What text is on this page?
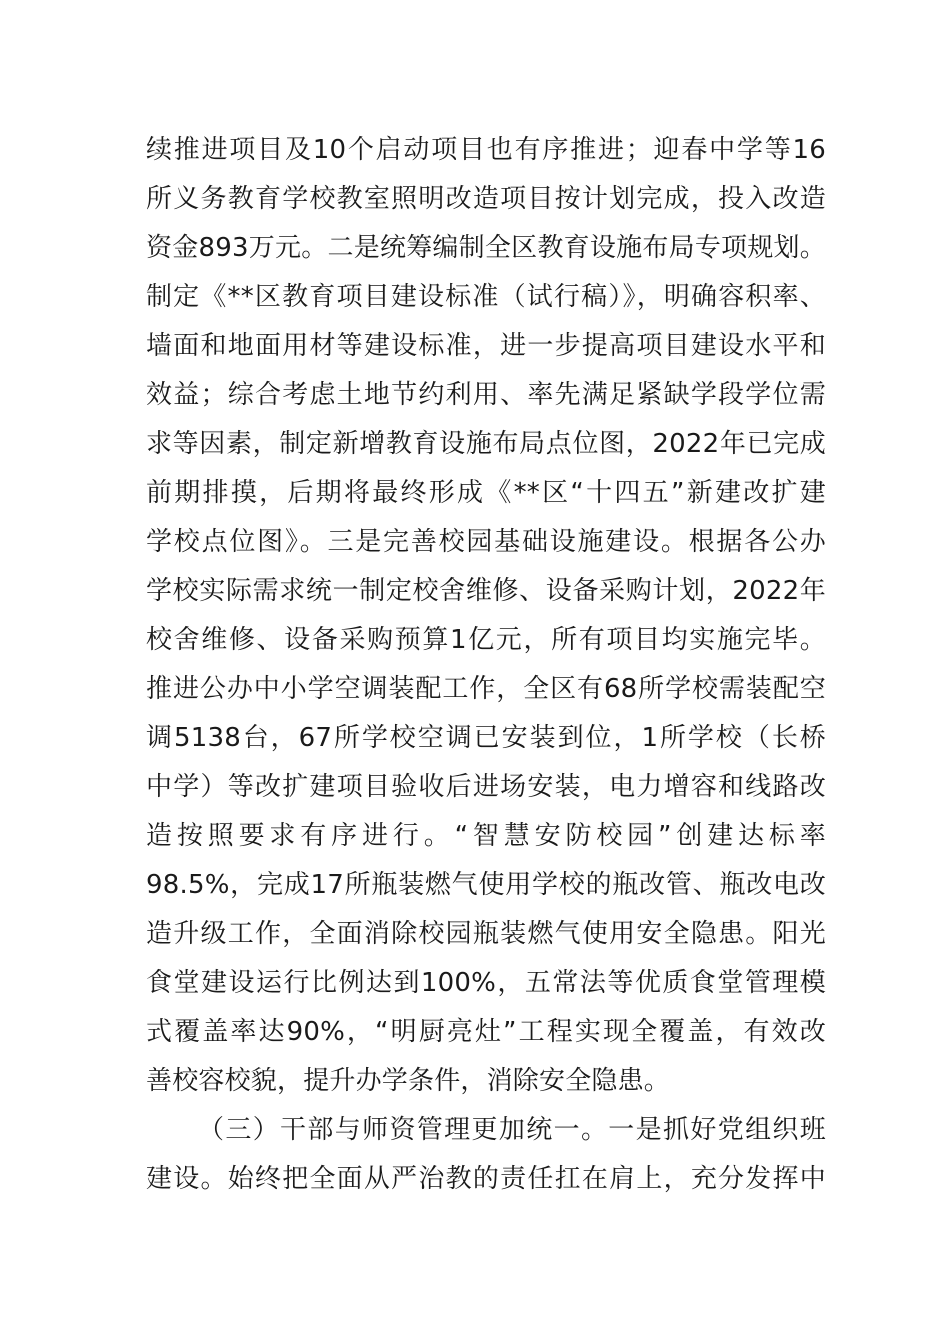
续推进项目及10个启动项目也有序推进；迎春中学等16
所义务教育学校教室照明改造项目按计划完成，投入改造
资金893万元。二是统筹编制全区教育设施布局专项规划。
制定《**区教育项目建设标准（试行稿）》，明确容积率、
墙面和地面用材等建设标准，进一步提高项目建设水平和
效益；综合考虑土地节约利用、率先满足紧缺学段学位需
求等因素，制定新增教育设施布局点位图，2022年已完成
前期排摸，后期将最终形成《**区“十四五”新建改扩建
学校点位图》。三是完善校园基础设施建设。根据各公办
学校实际需求统一制定校舍维修、设备采购计划，2022年
校舍维修、设备采购预算1亿元，所有项目均实施完毕。
推进公办中小学空调装配工作，全区有68所学校需装配空
调5138台，67所学校空调已安装到位，1所学校（长桥
中学）等改扩建项目验收后进场安装，电力增容和线路改
造按照要求有序进行。“智慧安防校园”创建达标率
98.5%，完成17所瓶装燃气使用学校的瓶改管、瓶改电改
造升级工作，全面消除校园瓶装燃气使用安全隐患。阳光
食堂建设运行比例达到100%，五常法等优质食堂管理模
式覆盖率达90%，“明厨亮灶”工程实现全覆盖，有效改
善校容校貌，提升办学条件，消除安全隐患。
（三）干部与师资管理更加统一。一是抓好党组织班
建设。始终把全面从严治教的责任扛在肩上，充分发挥中
